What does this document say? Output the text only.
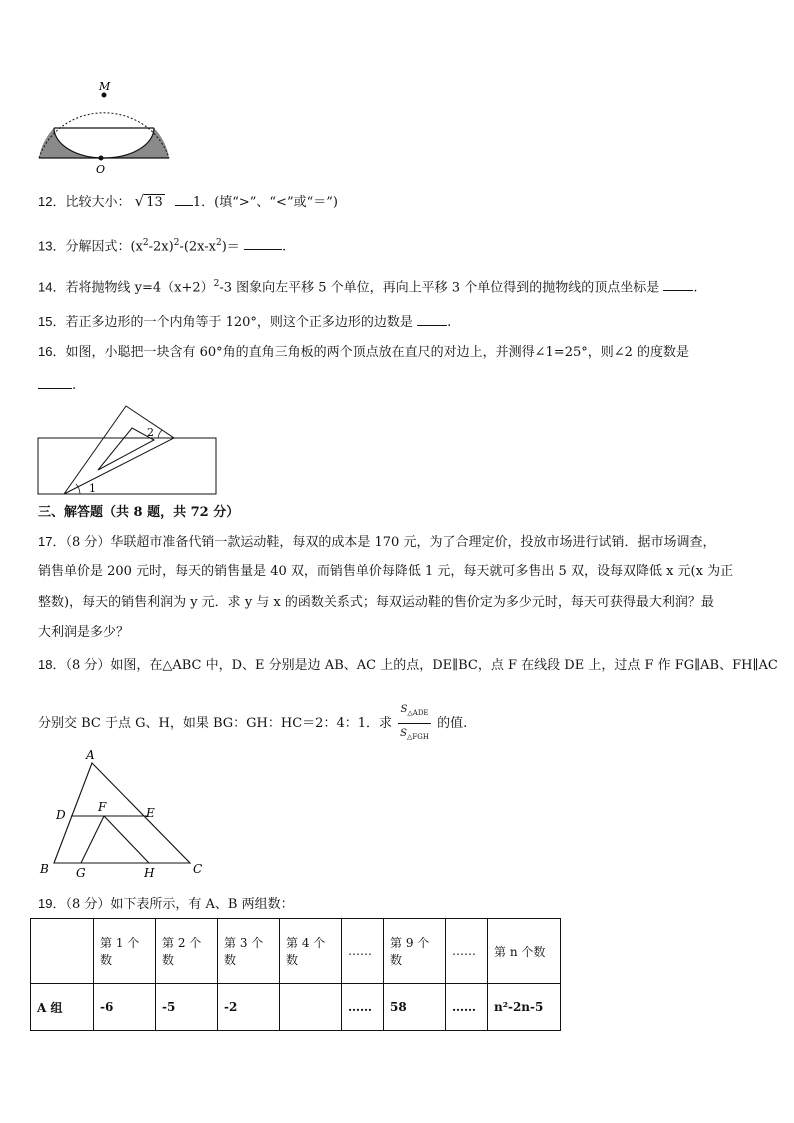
M
O
12．比较大小： √ 13 1．(填“>”、“<”或“＝”)
13．分解因式：$(x^2-2x)^2-(2x-x^2)=$	.
14．若将抛物线 $y=4(x+2)^2-3$ 图象向左平移 5 个单位，再向上平移 3 个单位得到的抛物线的顶点坐标是	.
15．若正多边形的一个内角等于 120°，则这个正多边形的边数是	.
16．如图，小聪把一块含有 60°角的直角三角板的两个顶点放在直尺的对边上，并测得∠1=25°，则∠2 的度数是
.
1
2
三、解答题（共 8 题，共 72 分）
17．（8 分）华联超市准备代销一款运动鞋，每双的成本是 170 元，为了合理定价，投放市场进行试销．据市场调查，
销售单价是 200 元时，每天的销售量是 40 双，而销售单价每降低 1 元，每天就可多售出 5 双，设每双降低 x 元(x 为正
整数)，每天的销售利润为 y 元．求 y 与 x 的函数关系式；每双运动鞋的售价定为多少元时，每天可获得最大利润？最
大利润是多少？
18．（8 分）如图，在△ABC 中，D、E 分别是边 AB、AC 上的点，DE∥BC，点 F 在线段 DE 上，过点 F 作 FG∥AB、FH∥AC
分别交 BC 于点 G、H，如果 BG：GH：HC＝2：4：1．求 $\frac{S_{\triangle ADE}}{S_{\triangle FGH}}$ 的值.
A
B	C
D	E
F
G	H
19．（8 分）如下表所示，有 A、B 两组数：
	第 1 个数	第 2 个数	第 3 个数	第 4 个数	……	第 9 个数	……	第 n 个数
A 组	-6	-5	-2		……	58	……	n²-2n-5
